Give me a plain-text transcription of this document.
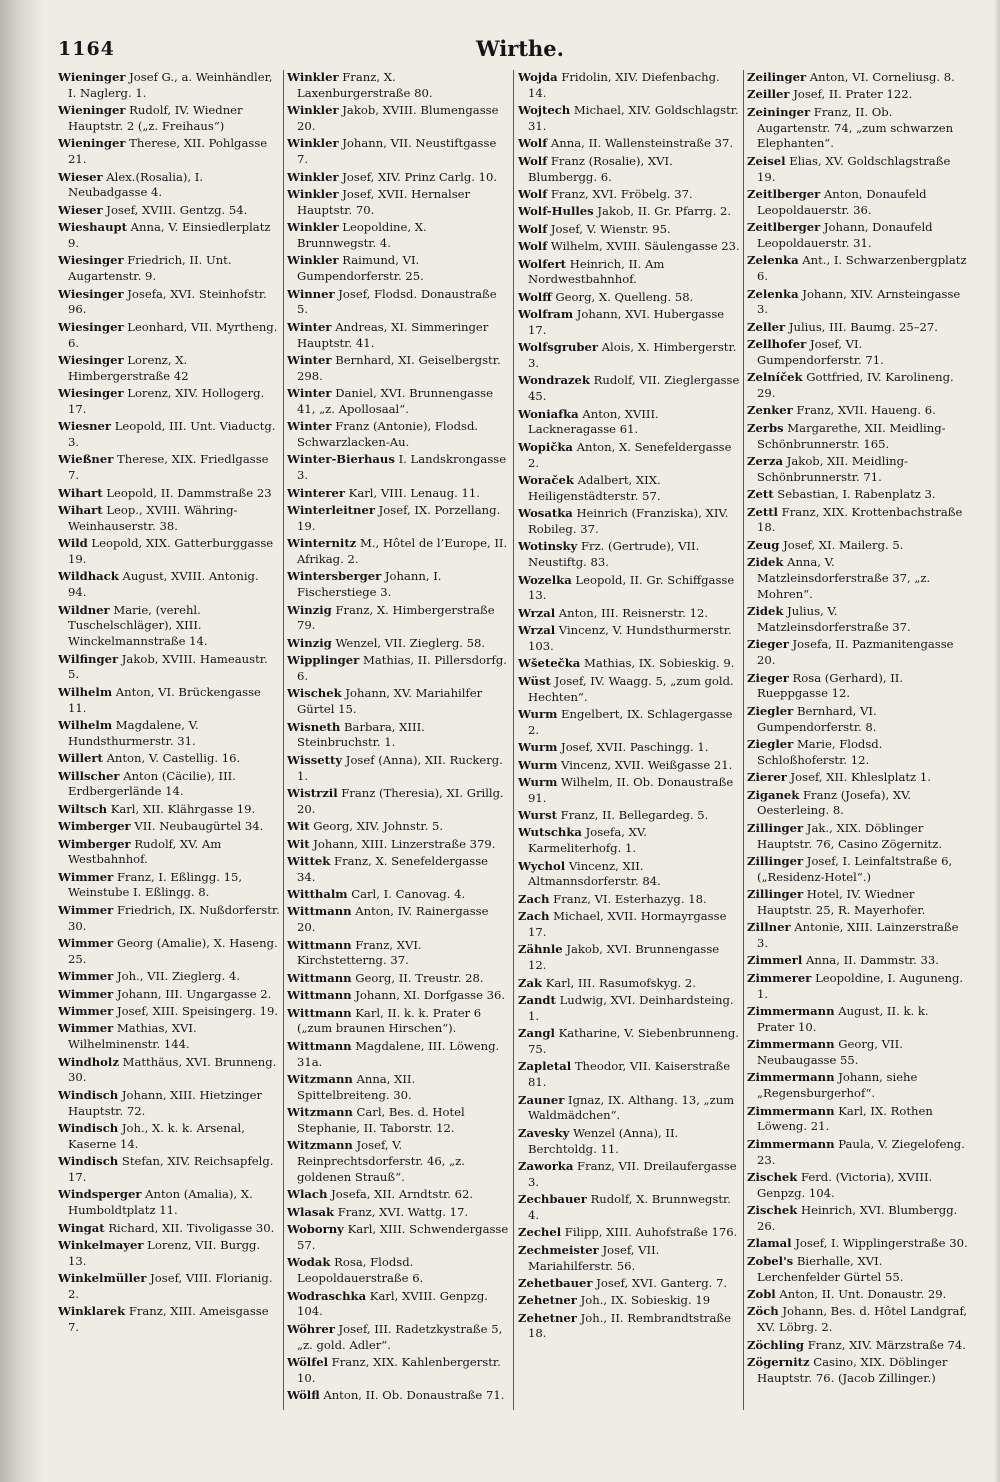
1164	Wirthe.
Wieninger Josef G., a. Weinhändler, I. Naglerg. 1.
Wieninger Rudolf, IV. Wiedner Hauptstr. 2 („z. Freihaus“)
Wieninger Therese, XII. Pohlgasse 21.
Wieser Alex.(Rosalia), I. Neubadgasse 4.
Wieser Josef, XVIII. Gentzg. 54.
Wieshaupt Anna, V. Einsiedlerplatz 9.
Wiesinger Friedrich, II. Unt. Augartenstr. 9.
Wiesinger Josefa, XVI. Steinhofstr. 96.
Wiesinger Leonhard, VII. Myrtheng. 6.
Wiesinger Lorenz, X. Himbergerstraße 42
Wiesinger Lorenz, XIV. Hollogerg. 17.
Wiesner Leopold, III. Unt. Viaductg. 3.
Wießner Therese, XIX. Friedlgasse 7.
Wihart Leopold, II. Dammstraße 23
Wihart Leop., XVIII. Währing-Weinhauserstr. 38.
Wild Leopold, XIX. Gatterburggasse 19.
Wildhack August, XVIII. Antonig. 94.
Wildner Marie, (verehl. Tuschelschläger), XIII. Winckelmannstraße 14.
Wilfinger Jakob, XVIII. Hameaustr. 5.
Wilhelm Anton, VI. Brückengasse 11.
Wilhelm Magdalene, V. Hundsthurmerstr. 31.
Willert Anton, V. Castellig. 16.
Willscher Anton (Cäcilie), III. Erdbergerlände 14.
Wiltsch Karl, XII. Klährgasse 19.
Wimberger VII. Neubaugürtel 34.
Wimberger Rudolf, XV. Am Westbahnhof.
Wimmer Franz, I. Eßlingg. 15, Weinstube I. Eßlingg. 8.
Wimmer Friedrich, IX. Nußdorferstr. 30.
Wimmer Georg (Amalie), X. Haseng. 25.
Wimmer Joh., VII. Zieglerg. 4.
Wimmer Johann, III. Ungargasse 2.
Wimmer Josef, XIII. Speisingerg. 19.
Wimmer Mathias, XVI. Wilhelminenstr. 144.
Windholz Matthäus, XVI. Brunneng. 30.
Windisch Johann, XIII. Hietzinger Hauptstr. 72.
Windisch Joh., X. k. k. Arsenal, Kaserne 14.
Windisch Stefan, XIV. Reichsapfelg. 17.
Windsperger Anton (Amalia), X. Humboldtplatz 11.
Wingat Richard, XII. Tivoligasse 30.
Winkelmayer Lorenz, VII. Burgg. 13.
Winkelmüller Josef, VIII. Florianig. 2.
Winklarek Franz, XIII. Ameisgasse 7.
Winkler Franz, X. Laxenburgerstraße 80.
Winkler Jakob, XVIII. Blumengasse 20.
Winkler Johann, VII. Neustiftgasse 7.
Winkler Josef, XIV. Prinz Carlg. 10.
Winkler Josef, XVII. Hernalser Hauptstr. 70.
Winkler Leopoldine, X. Brunnwegstr. 4.
Winkler Raimund, VI. Gumpendorferstr. 25.
Winner Josef, Flodsd. Donaustraße 5.
Winter Andreas, XI. Simmeringer Hauptstr. 41.
Winter Bernhard, XI. Geiselbergstr. 298.
Winter Daniel, XVI. Brunnengasse 41, „z. Apollosaal“.
Winter Franz (Antonie), Flodsd. Schwarzlacken-Au.
Winter-Bierhaus I. Landskrongasse 3.
Winterer Karl, VIII. Lenaug. 11.
Winterleitner Josef, IX. Porzellang. 19.
Winternitz M., Hôtel de l’Europe, II. Afrikag. 2.
Wintersberger Johann, I. Fischerstiege 3.
Winzig Franz, X. Himbergerstraße 79.
Winzig Wenzel, VII. Zieglerg. 58.
Wipplinger Mathias, II. Pillersdorfg. 6.
Wischek Johann, XV. Mariahilfer Gürtel 15.
Wisneth Barbara, XIII. Steinbruchstr. 1.
Wissetty Josef (Anna), XII. Ruckerg. 1.
Wistrzil Franz (Theresia), XI. Grillg. 20.
Wit Georg, XIV. Johnstr. 5.
Wit Johann, XIII. Linzerstraße 379.
Wittek Franz, X. Senefeldergasse 34.
Witthalm Carl, I. Canovag. 4.
Wittmann Anton, IV. Rainergasse 20.
Wittmann Franz, XVI. Kirchstetterng. 37.
Wittmann Georg, II. Treustr. 28.
Wittmann Johann, XI. Dorfgasse 36.
Wittmann Karl, II. k. k. Prater 6 („zum braunen Hirschen“).
Wittmann Magdalene, III. Löweng. 31a.
Witzmann Anna, XII. Spittelbreiteng. 30.
Witzmann Carl, Bes. d. Hotel Stephanie, II. Taborstr. 12.
Witzmann Josef, V. Reinprechtsdorferstr. 46, „z. goldenen Strauß“.
Wlach Josefa, XII. Arndtstr. 62.
Wlasak Franz, XVI. Wattg. 17.
Woborny Karl, XIII. Schwendergasse 57.
Wodak Rosa, Flodsd. Leopoldauerstraße 6.
Wodraschka Karl, XVIII. Genpzg. 104.
Wöhrer Josef, III. Radetzkystraße 5, „z. gold. Adler“.
Wölfel Franz, XIX. Kahlenbergerstr. 10.
Wölfl Anton, II. Ob. Donaustraße 71.
Wojda Fridolin, XIV. Diefenbachg. 14.
Wojtech Michael, XIV. Goldschlagstr. 31.
Wolf Anna, II. Wallensteinstraße 37.
Wolf Franz (Rosalie), XVI. Blumbergg. 6.
Wolf Franz, XVI. Fröbelg. 37.
Wolf-Hulles Jakob, II. Gr. Pfarrg. 2.
Wolf Josef, V. Wienstr. 95.
Wolf Wilhelm, XVIII. Säulengasse 23.
Wolfert Heinrich, II. Am Nordwestbahnhof.
Wolff Georg, X. Quelleng. 58.
Wolfram Johann, XVI. Hubergasse 17.
Wolfsgruber Alois, X. Himbergerstr. 3.
Wondrazek Rudolf, VII. Zieglergasse 45.
Woniafka Anton, XVIII. Lackneragasse 61.
Wopička Anton, X. Senefeldergasse 2.
Woraček Adalbert, XIX. Heiligenstädterstr. 57.
Wosatka Heinrich (Franziska), XIV. Robileg. 37.
Wotinsky Frz. (Gertrude), VII. Neustiftg. 83.
Wozelka Leopold, II. Gr. Schiffgasse 13.
Wrzal Anton, III. Reisnerstr. 12.
Wrzal Vincenz, V. Hundsthurmerstr. 103.
Wšetečka Mathias, IX. Sobieskig. 9.
Wüst Josef, IV. Waagg. 5, „zum gold. Hechten“.
Wurm Engelbert, IX. Schlagergasse 2.
Wurm Josef, XVII. Paschingg. 1.
Wurm Vincenz, XVII. Weißgasse 21.
Wurm Wilhelm, II. Ob. Donaustraße 91.
Wurst Franz, II. Bellegardeg. 5.
Wutschka Josefa, XV. Karmeliterhofg. 1.
Wychol Vincenz, XII. Altmannsdorferstr. 84.
Zach Franz, VI. Esterhazyg. 18.
Zach Michael, XVII. Hormayrgasse 17.
Zähnle Jakob, XVI. Brunnengasse 12.
Zak Karl, III. Rasumofskyg. 2.
Zandt Ludwig, XVI. Deinhardsteing. 1.
Zangl Katharine, V. Siebenbrunneng. 75.
Zapletal Theodor, VII. Kaiserstraße 81.
Zauner Ignaz, IX. Althang. 13, „zum Waldmädchen“.
Zavesky Wenzel (Anna), II. Berchtoldg. 11.
Zaworka Franz, VII. Dreilaufergasse 3.
Zechbauer Rudolf, X. Brunnwegstr. 4.
Zechel Filipp, XIII. Auhofstraße 176.
Zechmeister Josef, VII. Mariahilferstr. 56.
Zehetbauer Josef, XVI. Ganterg. 7.
Zehetner Joh., IX. Sobieskig. 19
Zehetner Joh., II. Rembrandtstraße 18.
Zeilinger Anton, VI. Corneliusg. 8.
Zeiller Josef, II. Prater 122.
Zeininger Franz, II. Ob. Augartenstr. 74, „zum schwarzen Elephanten“.
Zeisel Elias, XV. Goldschlagstraße 19.
Zeitlberger Anton, Donaufeld Leopoldauerstr. 36.
Zeitlberger Johann, Donaufeld Leopoldauerstr. 31.
Zelenka Ant., I. Schwarzenbergplatz 6.
Zelenka Johann, XIV. Arnsteingasse 3.
Zeller Julius, III. Baumg. 25–27.
Zellhofer Josef, VI. Gumpendorferstr. 71.
Zelníček Gottfried, IV. Karolineng. 29.
Zenker Franz, XVII. Haueng. 6.
Zerbs Margarethe, XII. Meidling-Schönbrunnerstr. 165.
Zerza Jakob, XII. Meidling-Schönbrunnerstr. 71.
Zett Sebastian, I. Rabenplatz 3.
Zettl Franz, XIX. Krottenbachstraße 18.
Zeug Josef, XI. Mailerg. 5.
Zidek Anna, V. Matzleinsdorferstraße 37, „z. Mohren“.
Zidek Julius, V. Matzleinsdorferstraße 37.
Zieger Josefa, II. Pazmanitengasse 20.
Zieger Rosa (Gerhard), II. Rueppgasse 12.
Ziegler Bernhard, VI. Gumpendorferstr. 8.
Ziegler Marie, Flodsd. Schloßhoferstr. 12.
Zierer Josef, XII. Khleslplatz 1.
Ziganek Franz (Josefa), XV. Oesterleing. 8.
Zillinger Jak., XIX. Döblinger Hauptstr. 76, Casino Zögernitz.
Zillinger Josef, I. Leinfaltstraße 6, („Residenz-Hotel“.)
Zillinger Hotel, IV. Wiedner Hauptstr. 25, R. Mayerhofer.
Zillner Antonie, XIII. Lainzerstraße 3.
Zimmerl Anna, II. Dammstr. 33.
Zimmerer Leopoldine, I. Auguneng. 1.
Zimmermann August, II. k. k. Prater 10.
Zimmermann Georg, VII. Neubaugasse 55.
Zimmermann Johann, siehe „Regensburgerhof“.
Zimmermann Karl, IX. Rothen Löweng. 21.
Zimmermann Paula, V. Ziegelofeng. 23.
Zischek Ferd. (Victoria), XVIII. Genpzg. 104.
Zischek Heinrich, XVI. Blumbergg. 26.
Zlamal Josef, I. Wipplingerstraße 30.
Zobel's Bierhalle, XVI. Lerchenfelder Gürtel 55.
Zobl Anton, II. Unt. Donaustr. 29.
Zöch Johann, Bes. d. Hôtel Landgraf, XV. Löbrg. 2.
Zöchling Franz, XIV. Märzstraße 74.
Zögernitz Casino, XIX. Döblinger Hauptstr. 76. (Jacob Zillinger.)
